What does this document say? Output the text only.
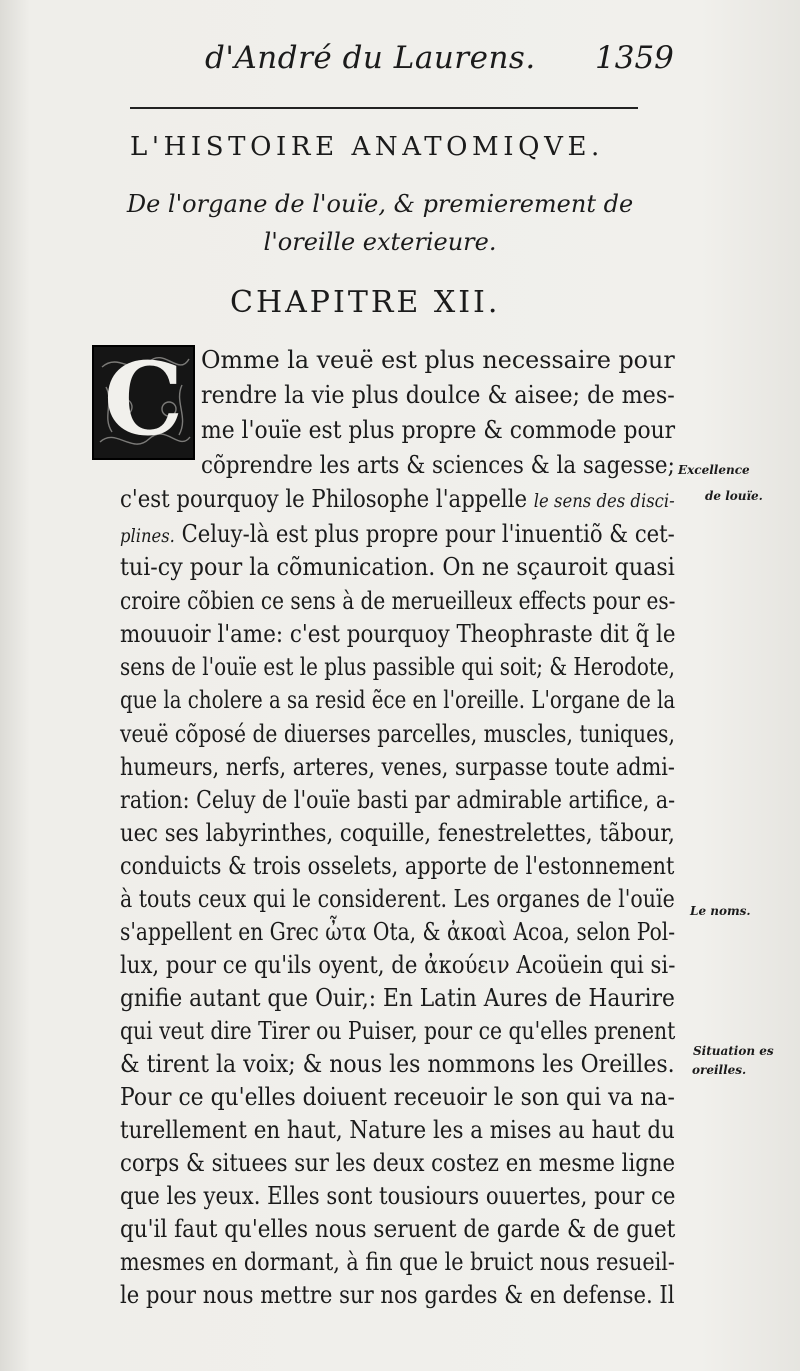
d'André du Laurens. 1359
L'HISTOIRE ANATOMIQVE.
De l'organe de l'ouïe, & premierement de
l'oreille exterieure.
CHAPITRE XII.
C Omme la veuë est plus necessaire pour
rendre la vie plus doulce & aisee; de mes-
me l'ouïe est plus propre & commode pour
cõprendre les arts & sciences & la sagesse;
c'est pourquoy le Philosophe l'appelle le sens des disci-
plines. Celuy-là est plus propre pour l'inuentiõ & cet-
tui-cy pour la cõmunication. On ne sçauroit quasi
croire cõbien ce sens à de merueilleux effects pour es-
mouuoir l'ame: c'est pourquoy Theophraste dit q̃ le
sens de l'ouïe est le plus passible qui soit; & Herodote,
que la cholere a sa resid ẽce en l'oreille. L'organe de la
veuë cõposé de diuerses parcelles, muscles, tuniques,
humeurs, nerfs, arteres, venes, surpasse toute admi-
ration: Celuy de l'ouïe basti par admirable artifice, a-
uec ses labyrinthes, coquille, fenestrelettes, tãbour,
conduicts & trois osselets, apporte de l'estonnement
à touts ceux qui le considerent. Les organes de l'ouïe
s'appellent en Grec ὦτα Ota, & ἀκοαὶ Acoa, selon Pol-
lux, pour ce qu'ils oyent, de ἀκούειν Acoüein qui si-
gnifie autant que Ouir,: En Latin Aures de Haurire
qui veut dire Tirer ou Puiser, pour ce qu'elles prenent
& tirent la voix; & nous les nommons les Oreilles.
Pour ce qu'elles doiuent receuoir le son qui va na-
turellement en haut, Nature les a mises au haut du
corps & situees sur les deux costez en mesme ligne
que les yeux. Elles sont tousiours ouuertes, pour ce
qu'il faut qu'elles nous seruent de garde & de guet
mesmes en dormant, à fin que le bruict nous resueil-
le pour nous mettre sur nos gardes & en defense. Il
Excellence
de louïe.
Le noms.
Situation es
oreilles.
